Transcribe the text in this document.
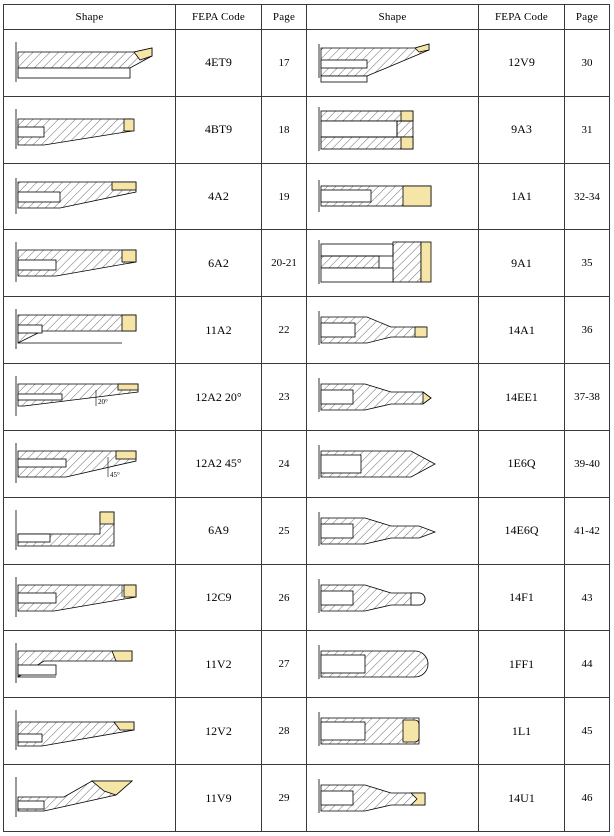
Shape	FEPA Code	Page	Shape	FEPA Code	Page

	4ET9	17		12V9	30

	4BT9	18		9A3	31

	4A2	19		1A1	32-34

	6A2	20-21		9A1	35

	11A2	22		14A1	36

20°	12A2 20°	23		14EE1	37-38

45°	12A2 45°	24		1E6Q	39-40

	6A9	25		14E6Q	41-42

	12C9	26		14F1	43

	11V2	27		1FF1	44

	12V2	28		1L1	45

	11V9	29		14U1	46
